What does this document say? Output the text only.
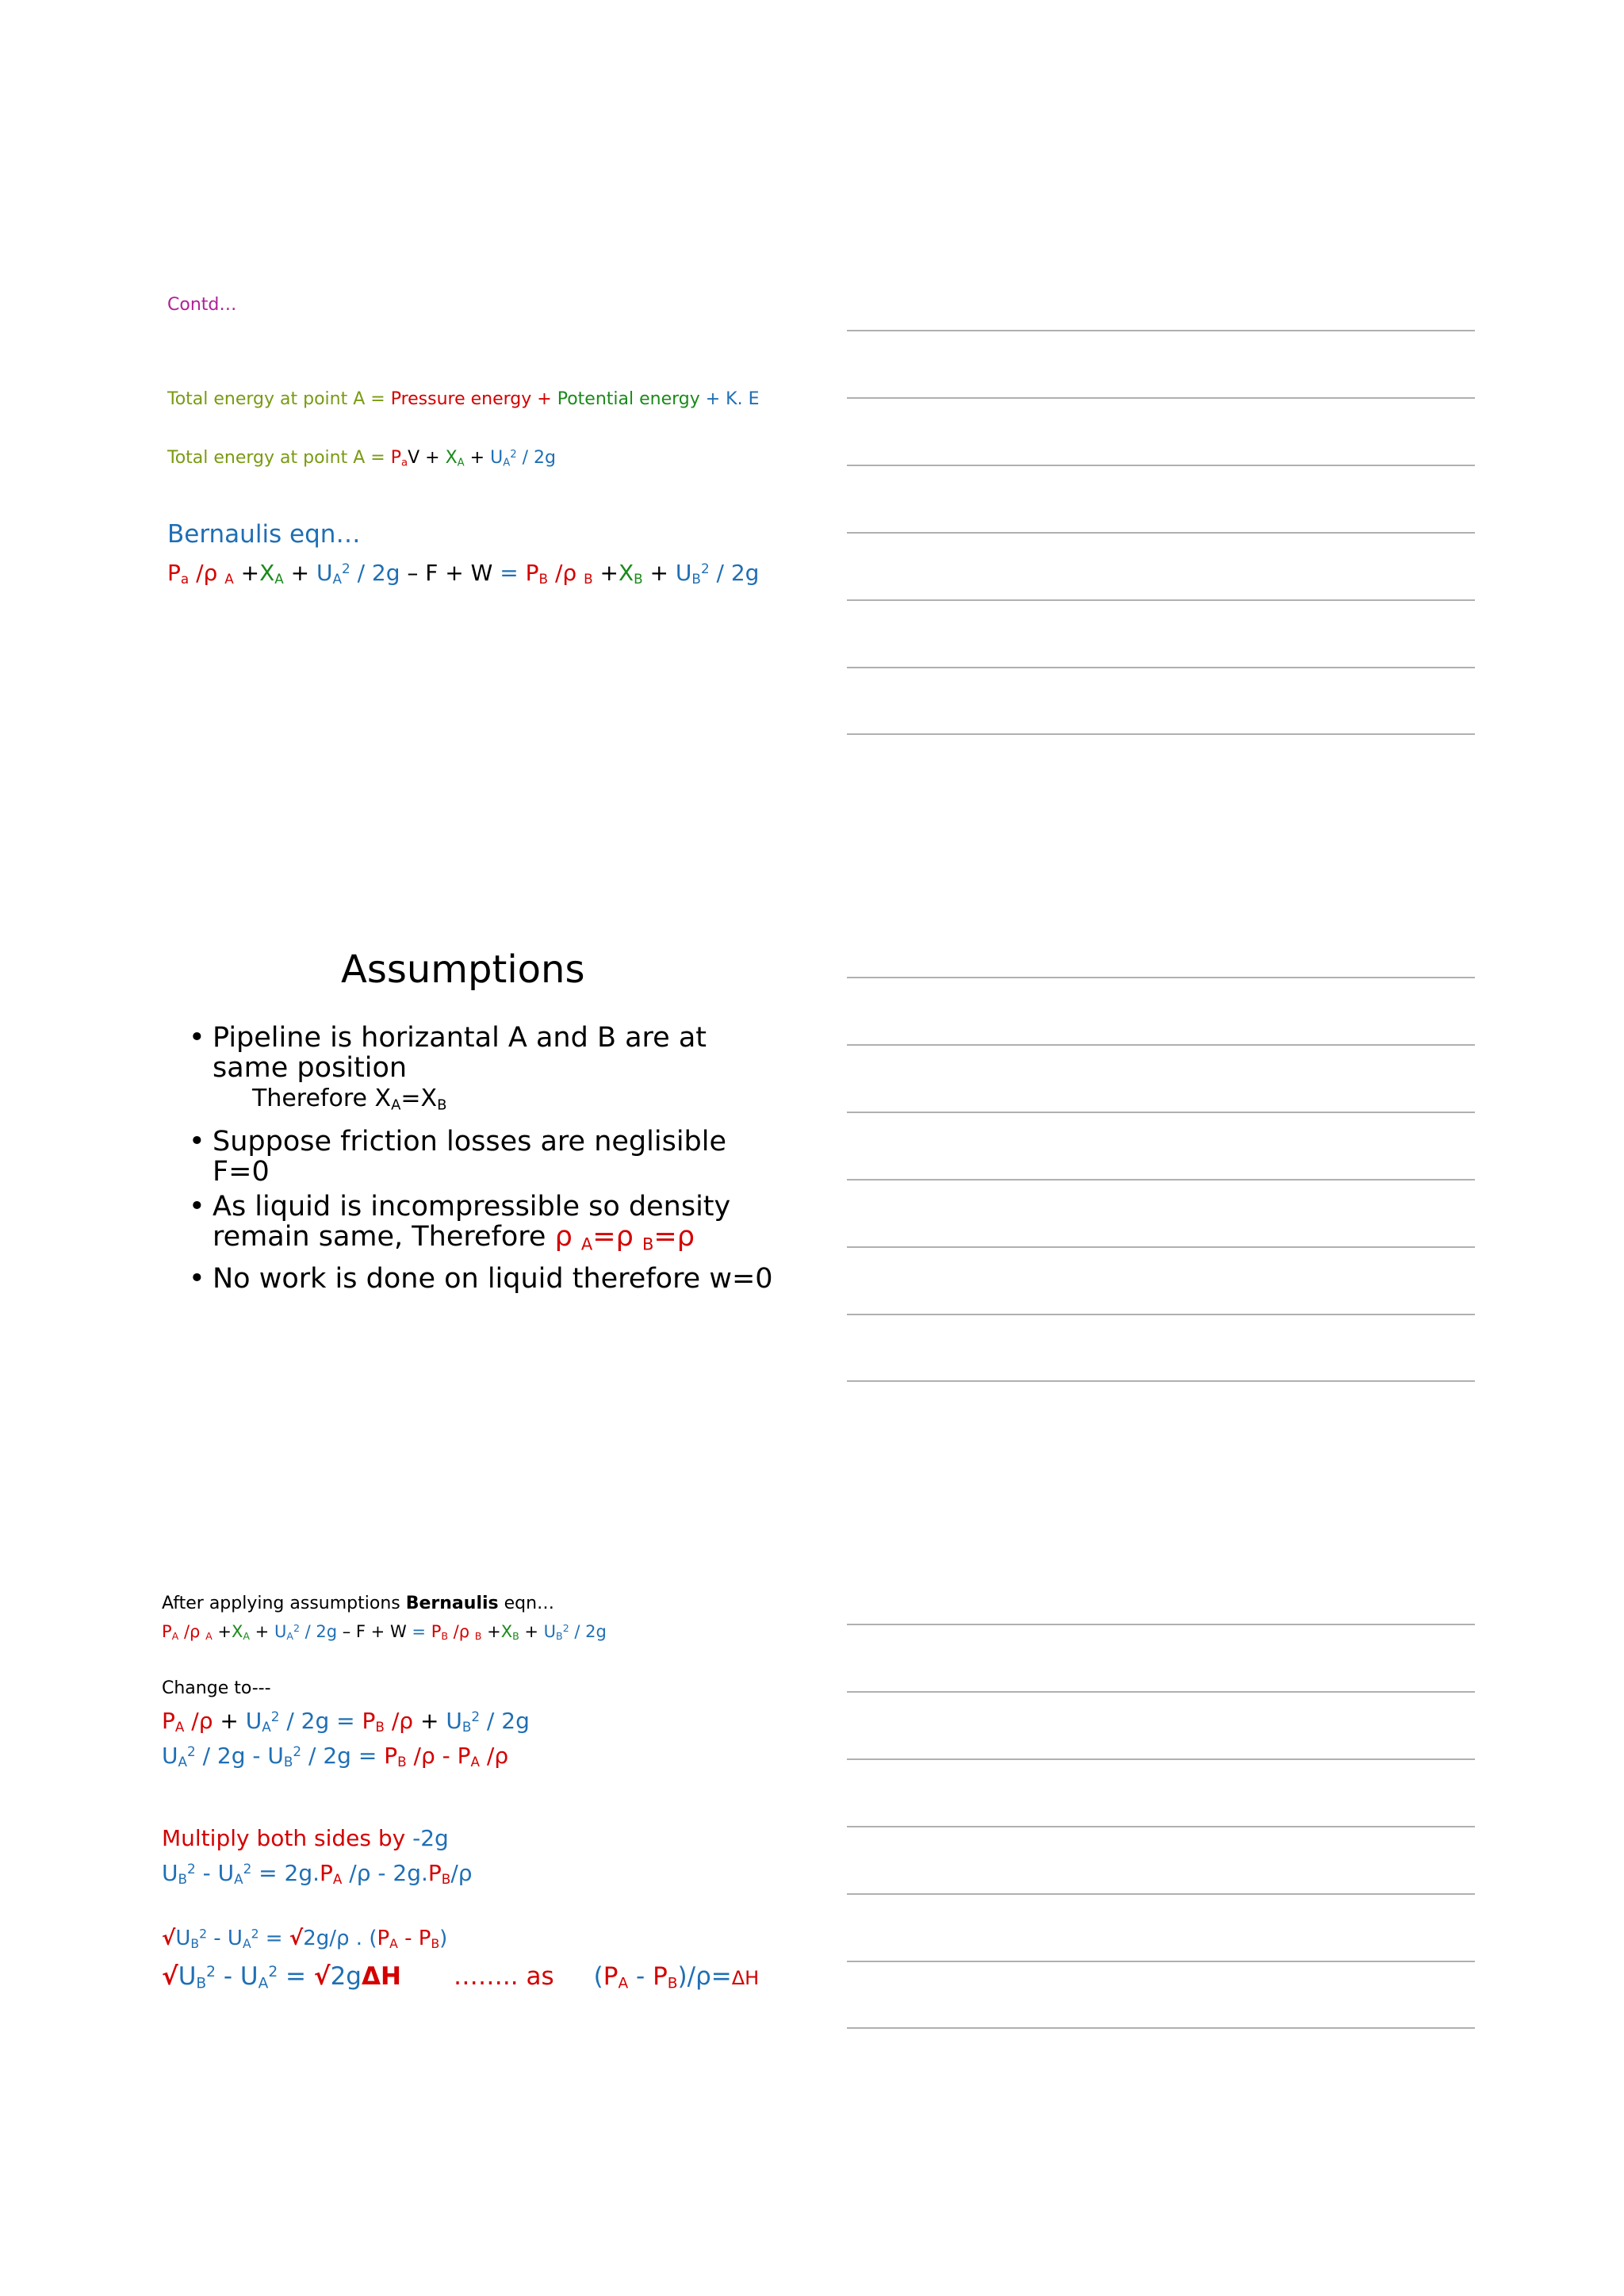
Contd…
Total energy at point A = Pressure energy + Potential energy + K. E
Total energy at point $A = P_aV + X_A + U_A^2 / 2g$
Bernaulis eqn…
$P_a$ /ρ $_A +X_A + U_A^2 / 2g - F + W = P_B$ /ρ $_B +X_B + U_B^2 / 2g$
Assumptions
• Pipeline is horizantal A and B are at same position
Therefore $X_A=X_B$
• Suppose friction losses are neglisible F=0
• As liquid is incompressible so density remain same, Therefore ρ $_A$=ρ $_B$=ρ
• No work is done on liquid therefore w=0
After applying assumptions Bernaulis eqn…
$P_A$ /ρ $_A +X_A + U_A^2 / 2g - F + W = P_B$ /ρ $_B +X_B + U_B^2 / 2g$
Change to---
$P_A$ $/\rho + U_A^2 / 2g = P_B$ $/\rho + U_B^2 / 2g$
$U_A^2 / 2g - U_B^2 / 2g = P_B$ $/\rho - P_A$ /ρ
Multiply both sides by -2g
$U_B^2 - U_A^2 = 2g.P_A$ $/\rho - 2g.P_B/\rho$
$√U_B^2 - U_A^2 = √2g/\rho$ . $(P_A - P_B)$
$√U_B^2 - U_A^2 = √2g\Delta H$ …….. as $(P_A - P_B)/\rho=\Delta H$
